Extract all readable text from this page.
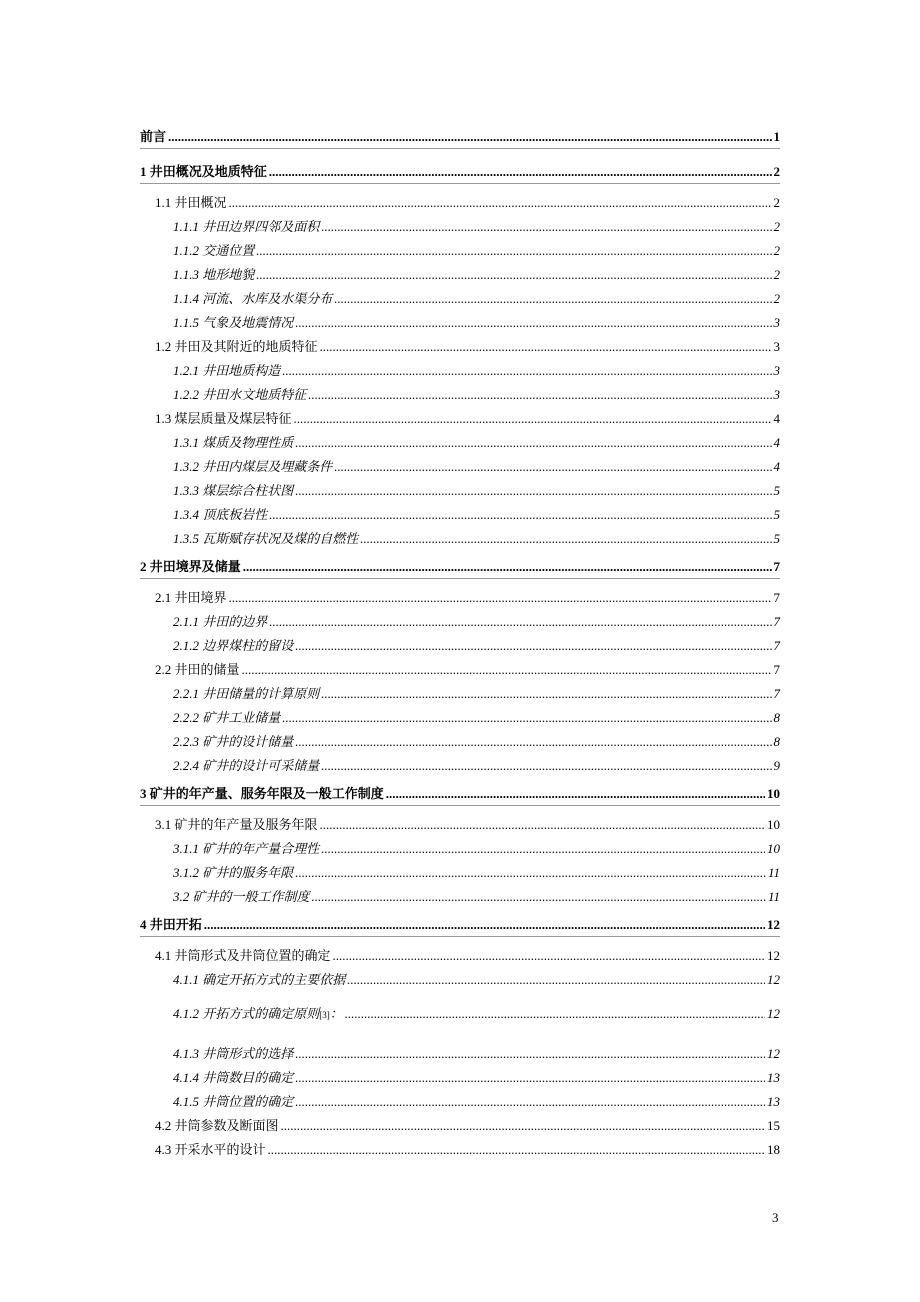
前言 .....	1
1 井田概况及地质特征 .....	2
1.1 井田概况 .....	2
1.1.1 井田边界四邻及面积 .....	2
1.1.2 交通位置 .....	2
1.1.3 地形地貌 .....	2
1.1.4 河流、水库及水渠分布 .....	2
1.1.5 气象及地震情况 .....	3
1.2 井田及其附近的地质特征 .....	3
1.2.1 井田地质构造 .....	3
1.2.2 井田水文地质特征 .....	3
1.3 煤层质量及煤层特征 .....	4
1.3.1 煤质及物理性质 .....	4
1.3.2 井田内煤层及埋藏条件 .....	4
1.3.3 煤层综合柱状图 .....	5
1.3.4 顶底板岩性 .....	5
1.3.5 瓦斯赋存状况及煤的自燃性 .....	5
2 井田境界及储量 .....	7
2.1 井田境界 .....	7
2.1.1 井田的边界 .....	7
2.1.2 边界煤柱的留设 .....	7
2.2 井田的储量 .....	7
2.2.1 井田储量的计算原则 .....	7
2.2.2 矿井工业储量 .....	8
2.2.3 矿井的设计储量 .....	8
2.2.4 矿井的设计可采储量 .....	9
3 矿井的年产量、服务年限及一般工作制度 .....	10
3.1 矿井的年产量及服务年限 .....	10
3.1.1 矿井的年产量合理性 .....	10
3.1.2 矿井的服务年限 .....	11
3.2 矿井的一般工作制度 .....	11
4 井田开拓 .....	12
4.1 井筒形式及井筒位置的确定 .....	12
4.1.1 确定开拓方式的主要依据 .....	12
4.1.2 开拓方式的确定原则 [3] ： .....	12
4.1.3 井筒形式的选择 .....	12
4.1.4 井筒数目的确定 .....	13
4.1.5 井筒位置的确定 .....	13
4.2 井筒参数及断面图 .....	15
4.3 开采水平的设计 .....	18
3
